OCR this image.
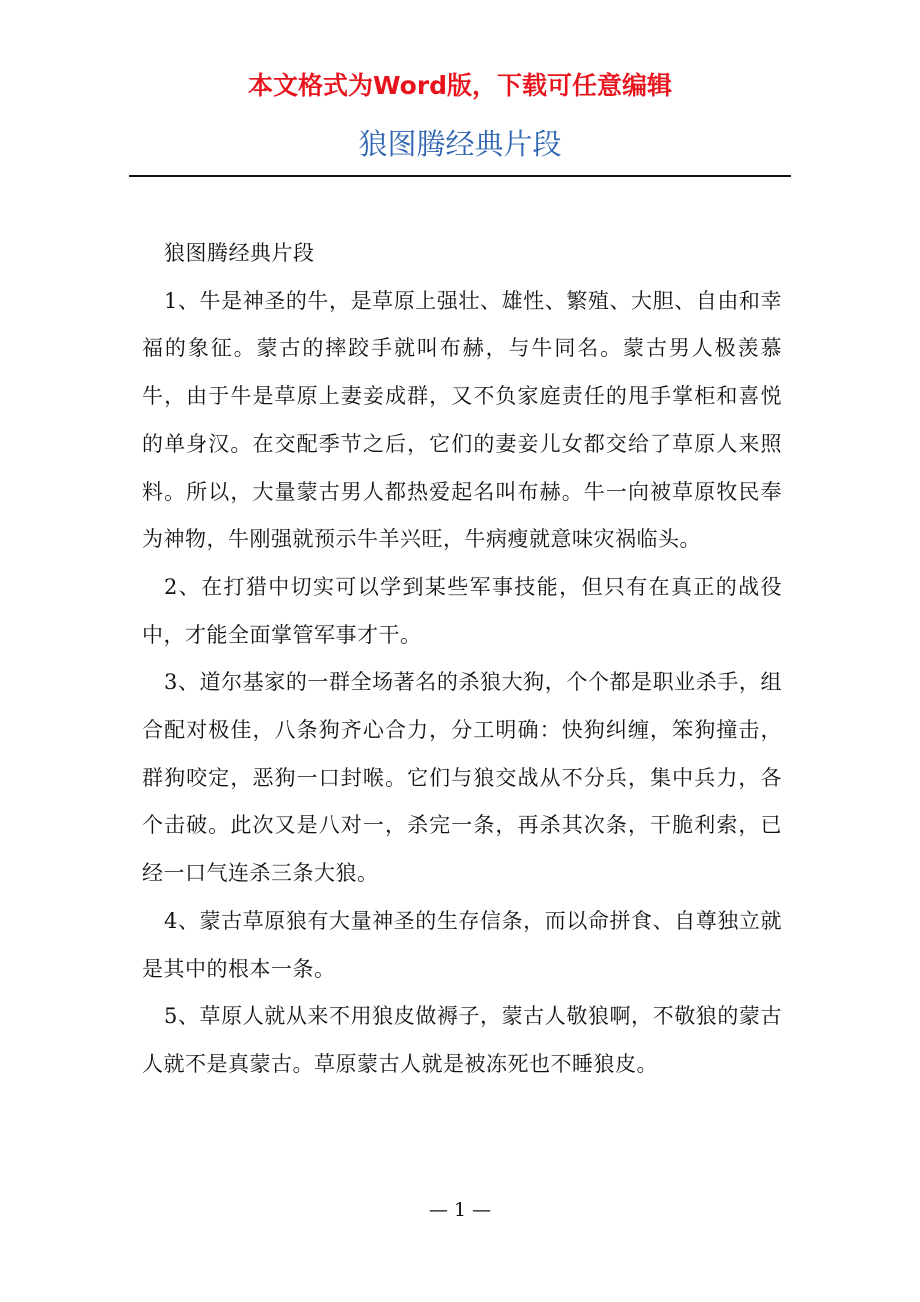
本文格式为Word版，下载可任意编辑
狼图腾经典片段

狼图腾经典片段

1、牛是神圣的牛，是草原上强壮、雄性、繁殖、大胆、自由和幸福的象征。蒙古的摔跤手就叫布赫，与牛同名。蒙古男人极羡慕牛，由于牛是草原上妻妾成群，又不负家庭责任的甩手掌柜和喜悦的单身汉。在交配季节之后，它们的妻妾儿女都交给了草原人来照料。所以，大量蒙古男人都热爱起名叫布赫。牛一向被草原牧民奉为神物，牛刚强就预示牛羊兴旺，牛病瘦就意味灾祸临头。

2、在打猎中切实可以学到某些军事技能，但只有在真正的战役中，才能全面掌管军事才干。

3、道尔基家的一群全场著名的杀狼大狗，个个都是职业杀手，组合配对极佳，八条狗齐心合力，分工明确：快狗纠缠，笨狗撞击，群狗咬定，恶狗一口封喉。它们与狼交战从不分兵，集中兵力，各个击破。此次又是八对一，杀完一条，再杀其次条，干脆利索，已经一口气连杀三条大狼。

4、蒙古草原狼有大量神圣的生存信条，而以命拼食、自尊独立就是其中的根本一条。

5、草原人就从来不用狼皮做褥子，蒙古人敬狼啊，不敬狼的蒙古人就不是真蒙古。草原蒙古人就是被冻死也不睡狼皮。

— 1 —
